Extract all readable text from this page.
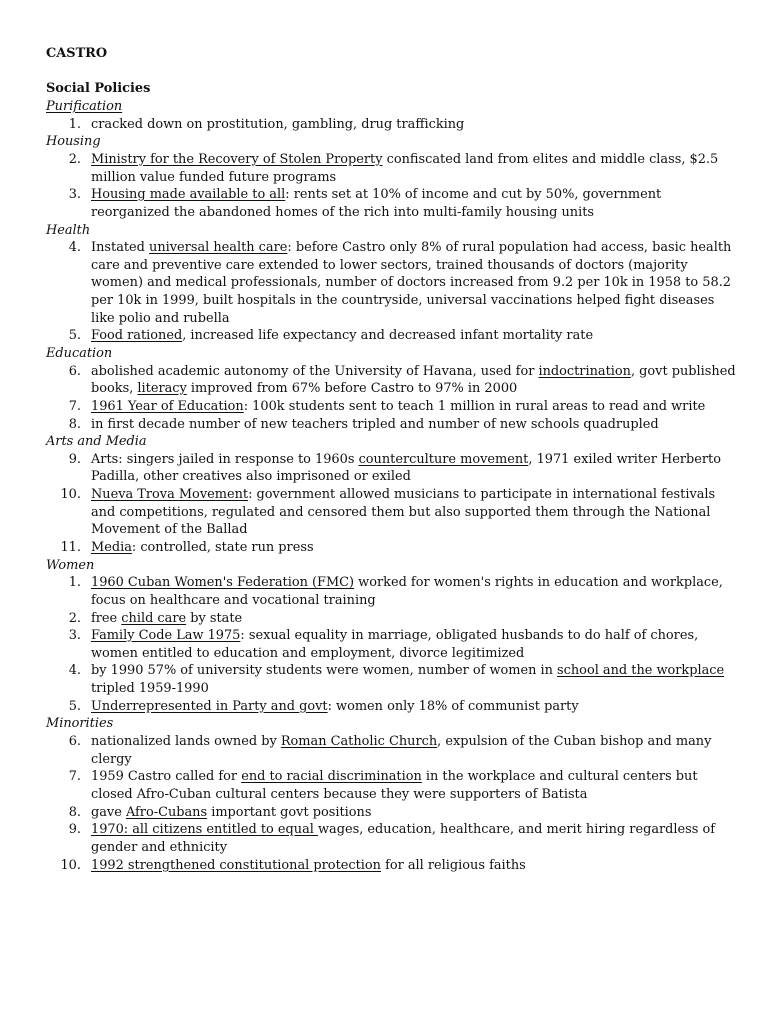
CASTRO
Social Policies
Purification
1. cracked down on prostitution, gambling, drug trafficking
Housing
2. Ministry for the Recovery of Stolen Property confiscated land from elites and middle class, $2.5
million value funded future programs
3. Housing made available to all: rents set at 10% of income and cut by 50%, government
reorganized the abandoned homes of the rich into multi-family housing units
Health
4. Instated universal health care: before Castro only 8% of rural population had access, basic health
care and preventive care extended to lower sectors, trained thousands of doctors (majority
women) and medical professionals, number of doctors increased from 9.2 per 10k in 1958 to 58.2
per 10k in 1999, built hospitals in the countryside, universal vaccinations helped fight diseases
like polio and rubella
5. Food rationed, increased life expectancy and decreased infant mortality rate
Education
6. abolished academic autonomy of the University of Havana, used for indoctrination, govt published
books, literacy improved from 67% before Castro to 97% in 2000
7. 1961 Year of Education: 100k students sent to teach 1 million in rural areas to read and write
8. in first decade number of new teachers tripled and number of new schools quadrupled
Arts and Media
9. Arts: singers jailed in response to 1960s counterculture movement, 1971 exiled writer Herberto
Padilla, other creatives also imprisoned or exiled
10. Nueva Trova Movement: government allowed musicians to participate in international festivals
and competitions, regulated and censored them but also supported them through the National
Movement of the Ballad
11. Media: controlled, state run press
Women
1. 1960 Cuban Women's Federation (FMC) worked for women's rights in education and workplace,
focus on healthcare and vocational training
2. free child care by state
3. Family Code Law 1975: sexual equality in marriage, obligated husbands to do half of chores,
women entitled to education and employment, divorce legitimized
4. by 1990 57% of university students were women, number of women in school and the workplace
tripled 1959-1990
5. Underrepresented in Party and govt: women only 18% of communist party
Minorities
6. nationalized lands owned by Roman Catholic Church, expulsion of the Cuban bishop and many
clergy
7. 1959 Castro called for end to racial discrimination in the workplace and cultural centers but
closed Afro-Cuban cultural centers because they were supporters of Batista
8. gave Afro-Cubans important govt positions
9. 1970: all citizens entitled to equal wages, education, healthcare, and merit hiring regardless of
gender and ethnicity
10. 1992 strengthened constitutional protection for all religious faiths
